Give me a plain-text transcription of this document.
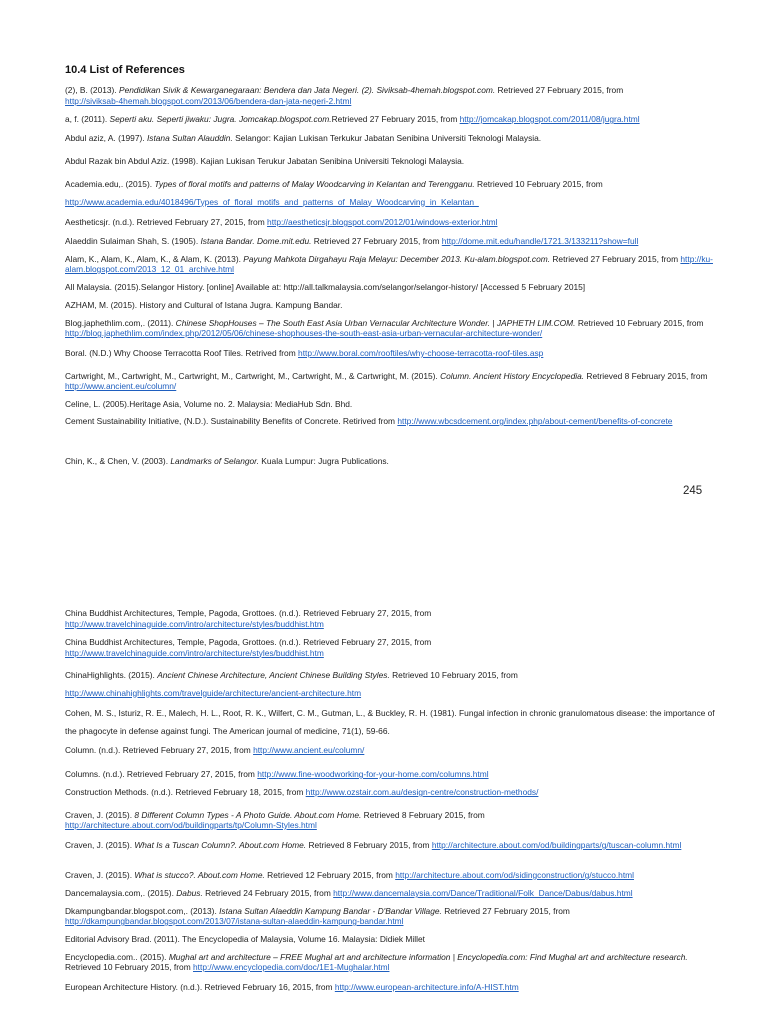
10.4 List of References
(2), B. (2013). Pendidikan Sivik & Kewarganegaraan: Bendera dan Jata Negeri. (2). Siviksab-4hemah.blogspot.com. Retrieved 27 February 2015, from
http://siviksab-4hemah.blogspot.com/2013/06/bendera-dan-jata-negeri-2.html
a, f. (2011). Seperti aku. Seperti jiwaku: Jugra. Jomcakap.blogspot.com.Retrieved 27 February 2015, from http://jomcakap.blogspot.com/2011/08/jugra.html
Abdul aziz, A. (1997). Istana Sultan Alauddin. Selangor: Kajian Lukisan Terkukur Jabatan Senibina Universiti Teknologi Malaysia.
Abdul Razak bin Abdul Aziz. (1998). Kajian Lukisan Terukur Jabatan Senibina Universiti Teknologi Malaysia.
Academia.edu,. (2015). Types of floral motifs and patterns of Malay Woodcarving in Kelantan and Terengganu. Retrieved 10 February 2015, from
http://www.academia.edu/4018496/Types_of_floral_motifs_and_patterns_of_Malay_Woodcarving_in_Kelantan_
Aestheticsjr. (n.d.). Retrieved February 27, 2015, from http://aestheticsjr.blogspot.com/2012/01/windows-exterior.html
Alaeddin Sulaiman Shah, S. (1905). Istana Bandar. Dome.mit.edu. Retrieved 27 February 2015, from http://dome.mit.edu/handle/1721.3/133211?show=full
Alam, K., Alam, K., Alam, K., & Alam, K. (2013). Payung Mahkota Dirgahayu Raja Melayu: December 2013. Ku-alam.blogspot.com. Retrieved 27 February 2015, from http://ku-alam.blogspot.com/2013_12_01_archive.html
All Malaysia. (2015).Selangor History. [online] Available at: http://all.talkmalaysia.com/selangor/selangor-history/ [Accessed 5 February 2015]
AZHAM, M. (2015). History and Cultural of Istana Jugra. Kampung Bandar.
Blog.japhethlim.com,. (2011). Chinese ShopHouses – The South East Asia Urban Vernacular Architecture Wonder. | JAPHETH LIM.COM. Retrieved 10 February 2015, from http://blog.japhethlim.com/index.php/2012/05/06/chinese-shophouses-the-south-east-asia-urban-vernacular-architecture-wonder/
Boral. (N.D.) Why Choose Terracotta Roof Tiles. Retrived from http://www.boral.com/rooftiles/why-choose-terracotta-roof-tiles.asp
Cartwright, M., Cartwright, M., Cartwright, M., Cartwright, M., Cartwright, M., & Cartwright, M. (2015). Column. Ancient History Encyclopedia. Retrieved 8 February 2015, from http://www.ancient.eu/column/
Celine, L. (2005).Heritage Asia, Volume no. 2. Malaysia: MediaHub Sdn. Bhd.
Cement Sustainability Initiative, (N.D.). Sustainability Benefits of Concrete. Retirived from http://www.wbcsdcement.org/index.php/about-cement/benefits-of-concrete
Chin, K., & Chen, V. (2003). Landmarks of Selangor. Kuala Lumpur: Jugra Publications.
245
China Buddhist Architectures, Temple, Pagoda, Grottoes. (n.d.). Retrieved February 27, 2015, from
http://www.travelchinaguide.com/intro/architecture/styles/buddhist.htm
China Buddhist Architectures, Temple, Pagoda, Grottoes. (n.d.). Retrieved February 27, 2015, from
http://www.travelchinaguide.com/intro/architecture/styles/buddhist.htm
ChinaHighlights. (2015). Ancient Chinese Architecture, Ancient Chinese Building Styles. Retrieved 10 February 2015, from
http://www.chinahighlights.com/travelguide/architecture/ancient-architecture.htm
Cohen, M. S., Isturiz, R. E., Malech, H. L., Root, R. K., Wilfert, C. M., Gutman, L., & Buckley, R. H. (1981). Fungal infection in chronic granulomatous disease: the importance of the phagocyte in defense against fungi. The American journal of medicine, 71(1), 59-66.
Column. (n.d.). Retrieved February 27, 2015, from http://www.ancient.eu/column/
Columns. (n.d.). Retrieved February 27, 2015, from http://www.fine-woodworking-for-your-home.com/columns.html
Construction Methods. (n.d.). Retrieved February 18, 2015, from http://www.ozstair.com.au/design-centre/construction-methods/
Craven, J. (2015). 8 Different Column Types - A Photo Guide. About.com Home. Retrieved 8 February 2015, from
http://architecture.about.com/od/buildingparts/tp/Column-Styles.html
Craven, J. (2015). What Is a Tuscan Column?. About.com Home. Retrieved 8 February 2015, from http://architecture.about.com/od/buildingparts/g/tuscan-column.html
Craven, J. (2015). What is stucco?. About.com Home. Retrieved 12 February 2015, from http://architecture.about.com/od/sidingconstruction/g/stucco.html
Dancemalaysia.com,. (2015). Dabus. Retrieved 24 February 2015, from http://www.dancemalaysia.com/Dance/Traditional/Folk_Dance/Dabus/dabus.html
Dkampungbandar.blogspot.com,. (2013). Istana Sultan Alaeddin Kampung Bandar - D'Bandar Village. Retrieved 27 February 2015, from
http://dkampungbandar.blogspot.com/2013/07/istana-sultan-alaeddin-kampung-bandar.html
Editorial Advisory Brad. (2011). The Encyclopedia of Malaysia, Volume 16. Malaysia: Didiek Millet
Encyclopedia.com.. (2015). Mughal art and architecture – FREE Mughal art and architecture information | Encyclopedia.com: Find Mughal art and architecture research. Retrieved 10 February 2015, from http://www.encyclopedia.com/doc/1E1-Mughalar.html
European Architecture History. (n.d.). Retrieved February 16, 2015, from http://www.european-architecture.info/A-HIST.htm
